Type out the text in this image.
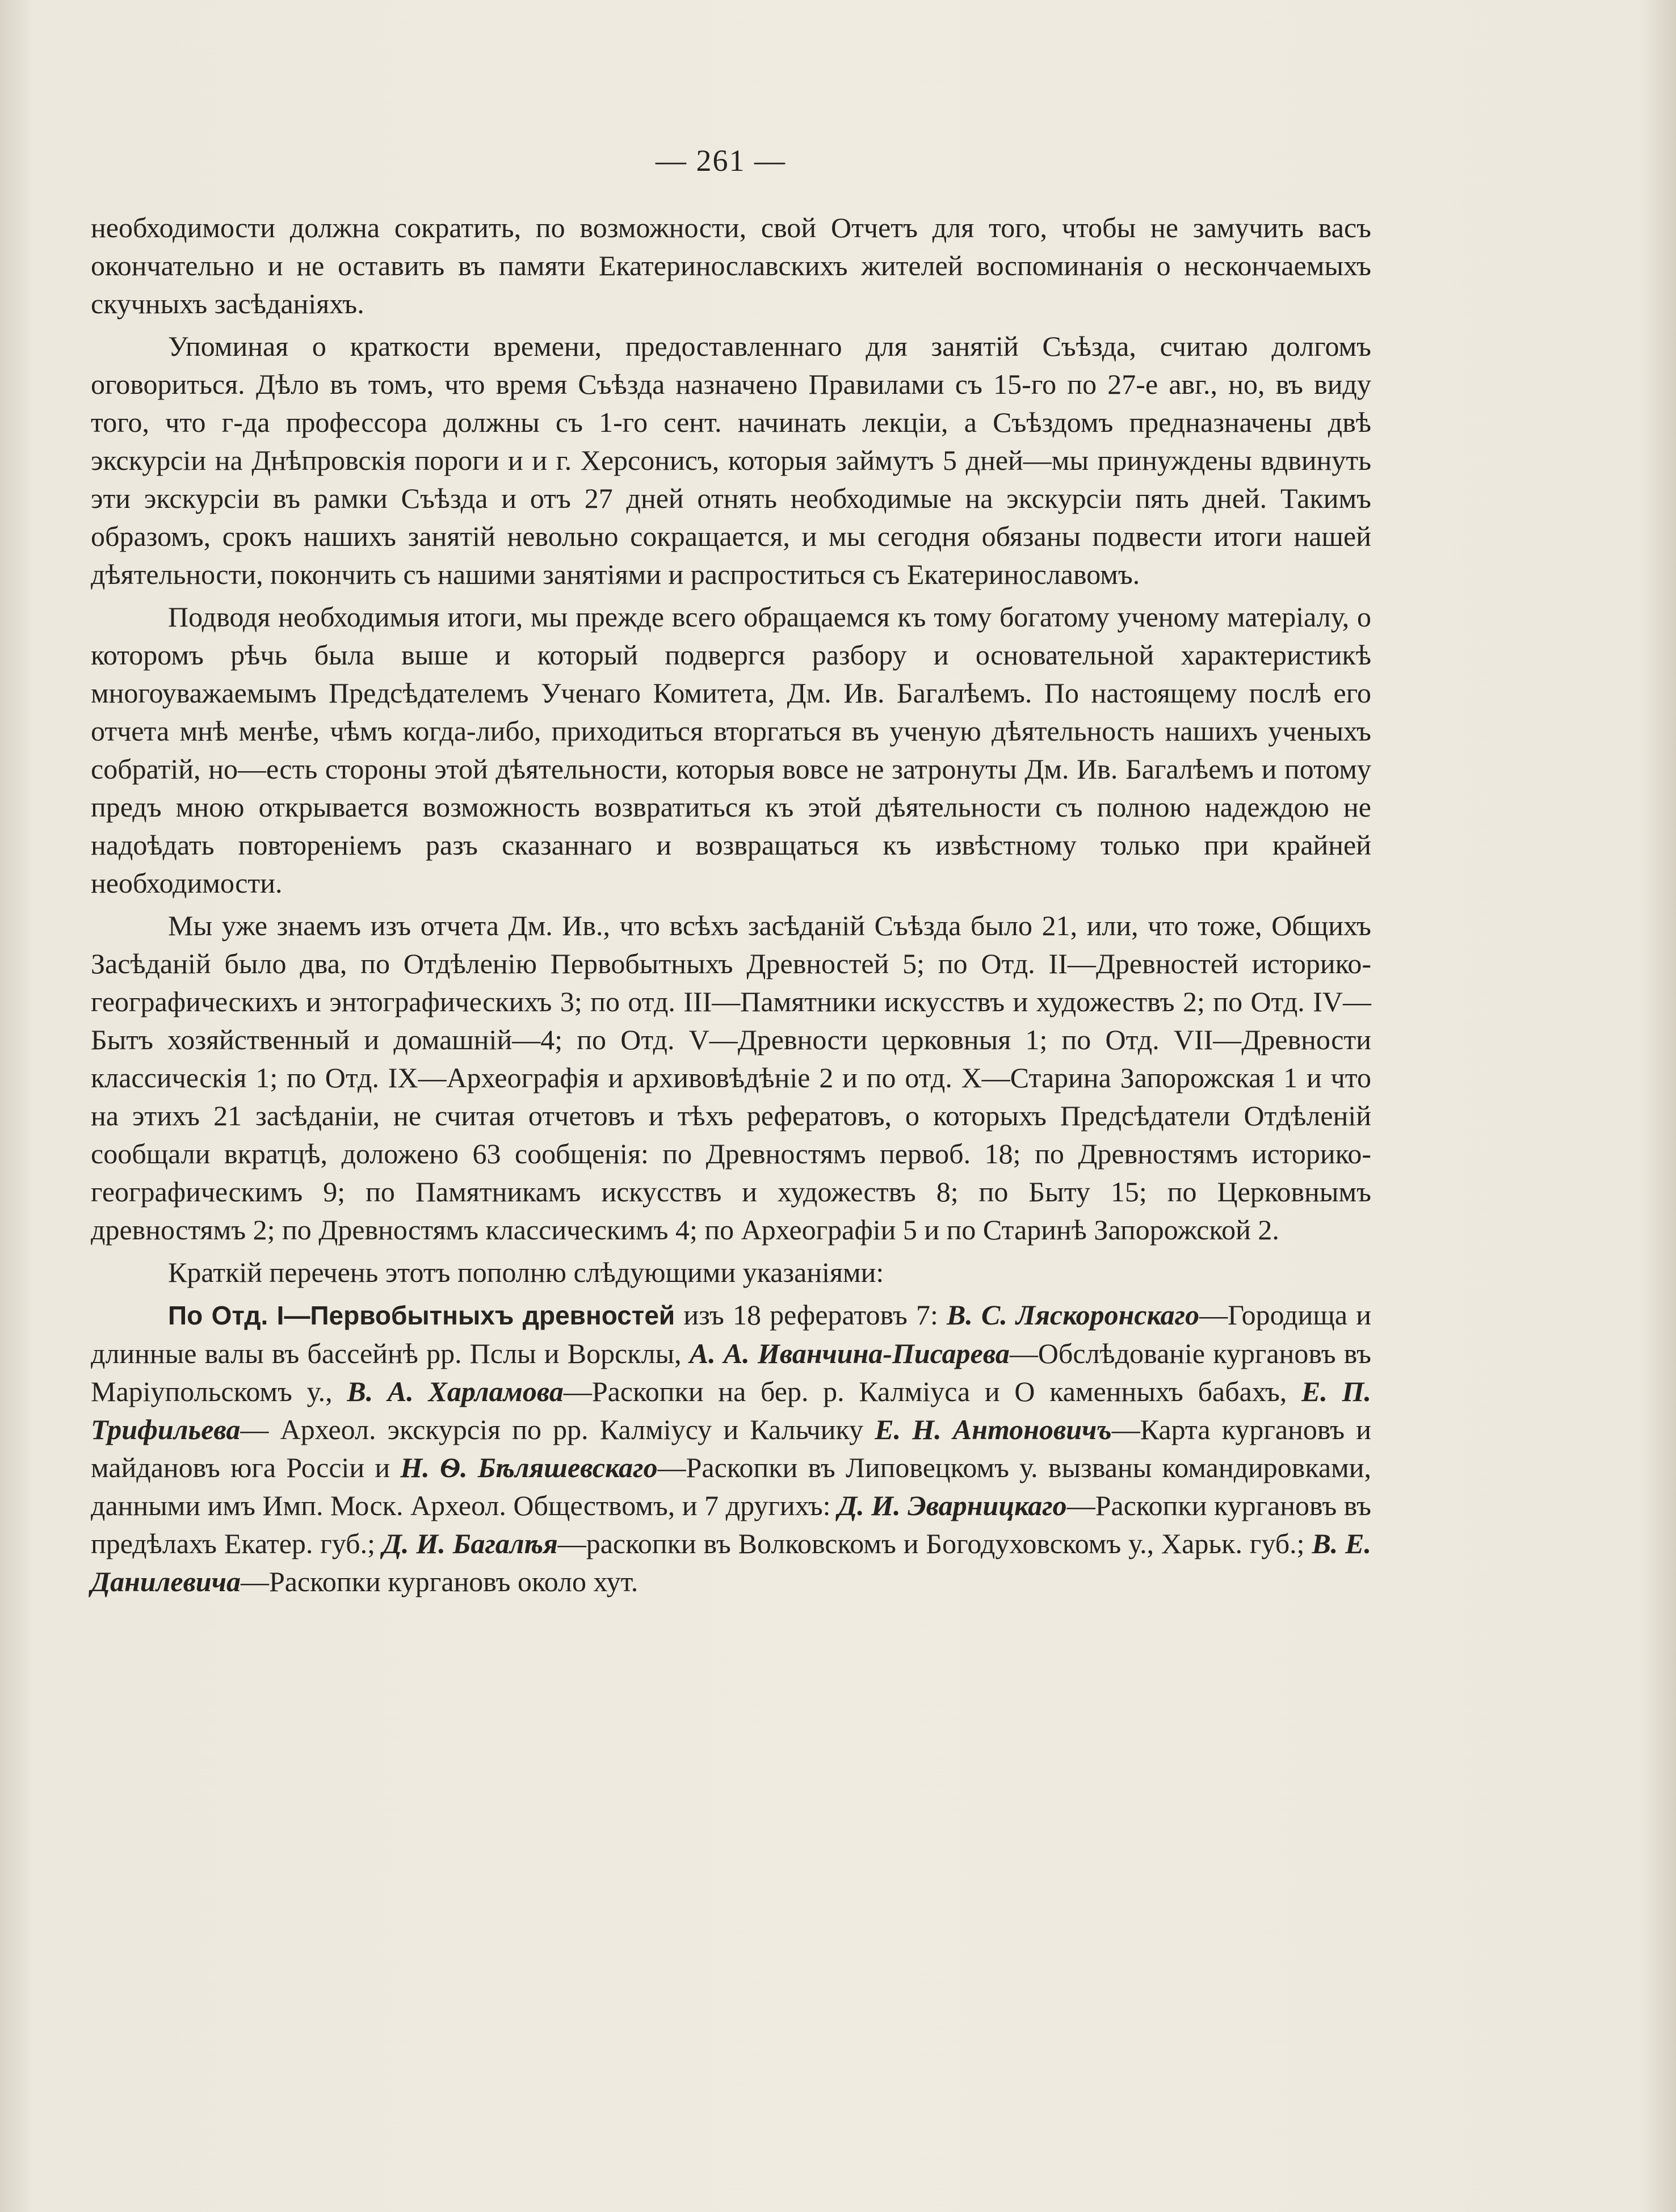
— 261 —

необходимости должна сократить, по возможности, свой Отчетъ для того, чтобы не замучить васъ окончательно и не оставить въ памяти Екатеринославскихъ жителей воспоминанія о нескончаемыхъ скучныхъ засѣданіяхъ.

Упоминая о краткости времени, предоставленнаго для занятій Съѣзда, считаю долгомъ оговориться. Дѣло въ томъ, что время Съѣзда назначено Правилами съ 15-го по 27-е авг., но, въ виду того, что г-да профессора должны съ 1-го сент. начинать лекціи, а Съѣздомъ предназначены двѣ экскурсіи на Днѣпровскія пороги и и г. Херсонисъ, которыя займутъ 5 дней—мы принуждены вдвинуть эти экскурсіи въ рамки Съѣзда и отъ 27 дней отнять необходимые на экскурсіи пять дней. Такимъ образомъ, срокъ нашихъ занятій невольно сокращается, и мы сегодня обязаны подвести итоги нашей дѣятельности, покончить съ нашими занятіями и распроститься съ Екатеринославомъ.

Подводя необходимыя итоги, мы прежде всего обращаемся къ тому богатому ученому матеріалу, о которомъ рѣчь была выше и который подвергся разбору и основательной характеристикѣ многоуважаемымъ Предсѣдателемъ Ученаго Комитета, Дм. Ив. Багалѣемъ. По настоящему послѣ его отчета мнѣ менѣе, чѣмъ когда-либо, приходиться вторгаться въ ученую дѣятельность нашихъ ученыхъ собратій, но—есть стороны этой дѣятельности, которыя вовсе не затронуты Дм. Ив. Багалѣемъ и потому предъ мною открывается возможность возвратиться къ этой дѣятельности съ полною надеждою не надоѣдать повтореніемъ разъ сказаннаго и возвращаться къ извѣстному только при крайней необходимости.

Мы уже знаемъ изъ отчета Дм. Ив., что всѣхъ засѣданій Съѣзда было 21, или, что тоже, Общихъ Засѣданій было два, по Отдѣленію Первобытныхъ Древностей 5; по Отд. II—Древностей историко-географическихъ и энтографическихъ 3; по отд. III—Памятники искусствъ и художествъ 2; по Отд. IV—Бытъ хозяйственный и домашній—4; по Отд. V—Древности церковныя 1; по Отд. VII—Древности классическія 1; по Отд. IX—Археографія и архивовѣдѣніе 2 и по отд. X—Старина Запорожская 1 и что на этихъ 21 засѣданіи, не считая отчетовъ и тѣхъ рефератовъ, о которыхъ Предсѣдатели Отдѣленій сообщали вкратцѣ, доложено 63 сообщенія: по Древностямъ первоб. 18; по Древностямъ историко-географическимъ 9; по Памятникамъ искусствъ и художествъ 8; по Быту 15; по Церковнымъ древностямъ 2; по Древностямъ классическимъ 4; по Археографіи 5 и по Старинѣ Запорожской 2.

Краткій перечень этотъ пополню слѣдующими указаніями:

По Отд. I—Первобытныхъ древностей изъ 18 рефератовъ 7: В. С. Ляскоронскаго—Городища и длинные валы въ бассейнѣ рр. Пслы и Ворсклы, А. А. Иванчина-Писарева—Обслѣдованіе кургановъ въ Маріупольскомъ у., В. А. Харламова—Раскопки на бер. р. Калміуса и О каменныхъ бабахъ, Е. П. Трифильева— Археол. экскурсія по рр. Калміусу и Кальчику Е. Н. Антоновичъ—Карта кургановъ и майдановъ юга Россіи и Н. Ѳ. Бѣляшевскаго—Раскопки въ Липовецкомъ у. вызваны командировками, данными имъ Имп. Моск. Археол. Обществомъ, и 7 другихъ: Д. И. Эварницкаго—Раскопки кургановъ въ предѣлахъ Екатер. губ.; Д. И. Багалѣя—раскопки въ Волковскомъ и Богодуховскомъ у., Харьк. губ.; В. Е. Данилевича—Раскопки кургановъ около хут.
